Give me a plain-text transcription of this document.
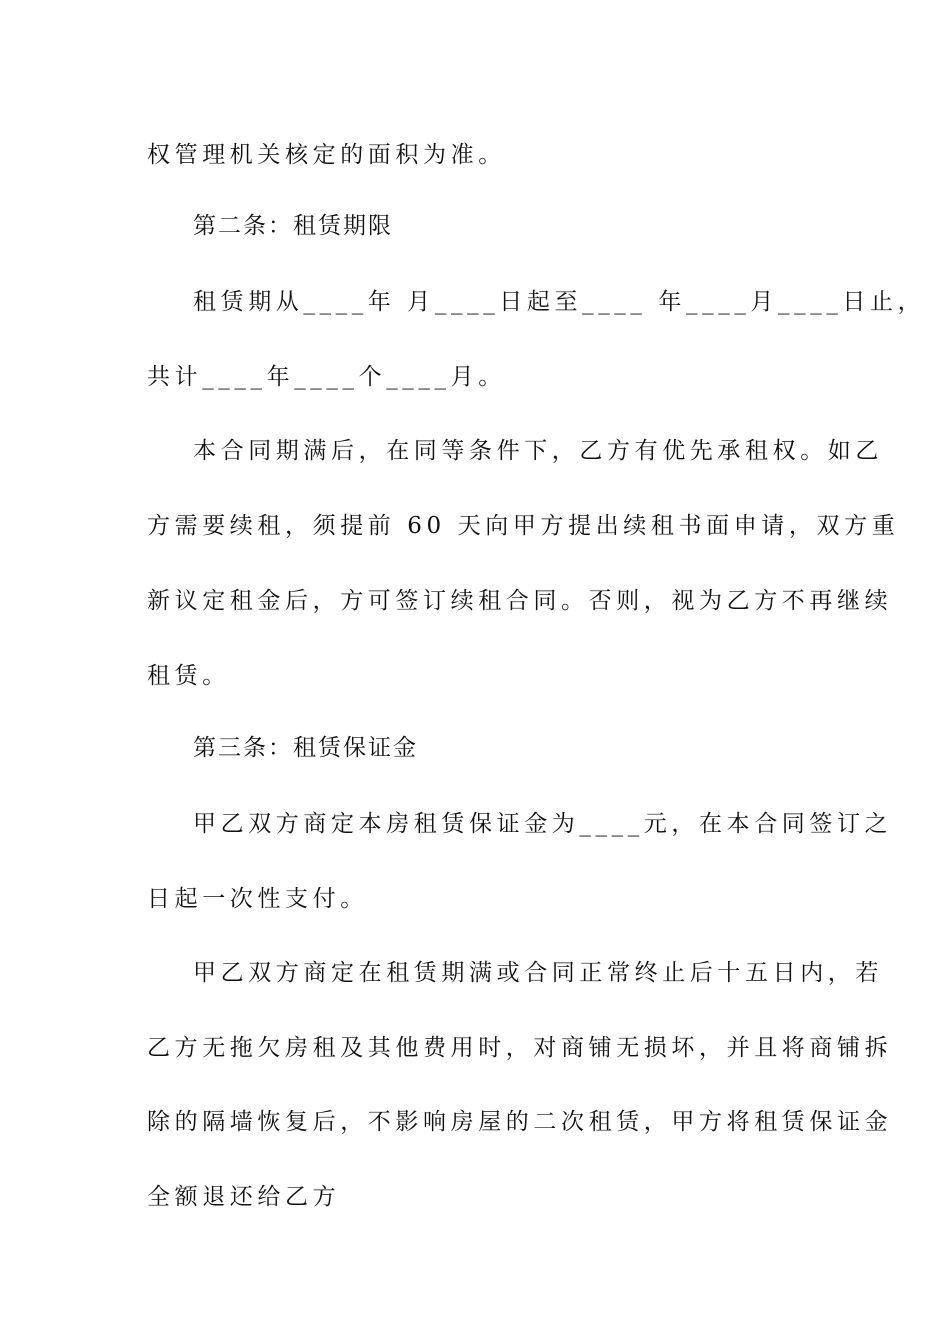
权管理机关核定的面积为准。
第二条：租赁期限
租赁期从____年 月____日起至____ 年____月____日止，
共计____年____个____月。
本合同期满后，在同等条件下，乙方有优先承租权。如乙
方需要续租，须提前 60 天向甲方提出续租书面申请，双方重
新议定租金后，方可签订续租合同。否则，视为乙方不再继续
租赁。
第三条：租赁保证金
甲乙双方商定本房租赁保证金为____元，在本合同签订之
日起一次性支付。
甲乙双方商定在租赁期满或合同正常终止后十五日内，若
乙方无拖欠房租及其他费用时，对商铺无损坏，并且将商铺拆
除的隔墙恢复后，不影响房屋的二次租赁，甲方将租赁保证金
全额退还给乙方
